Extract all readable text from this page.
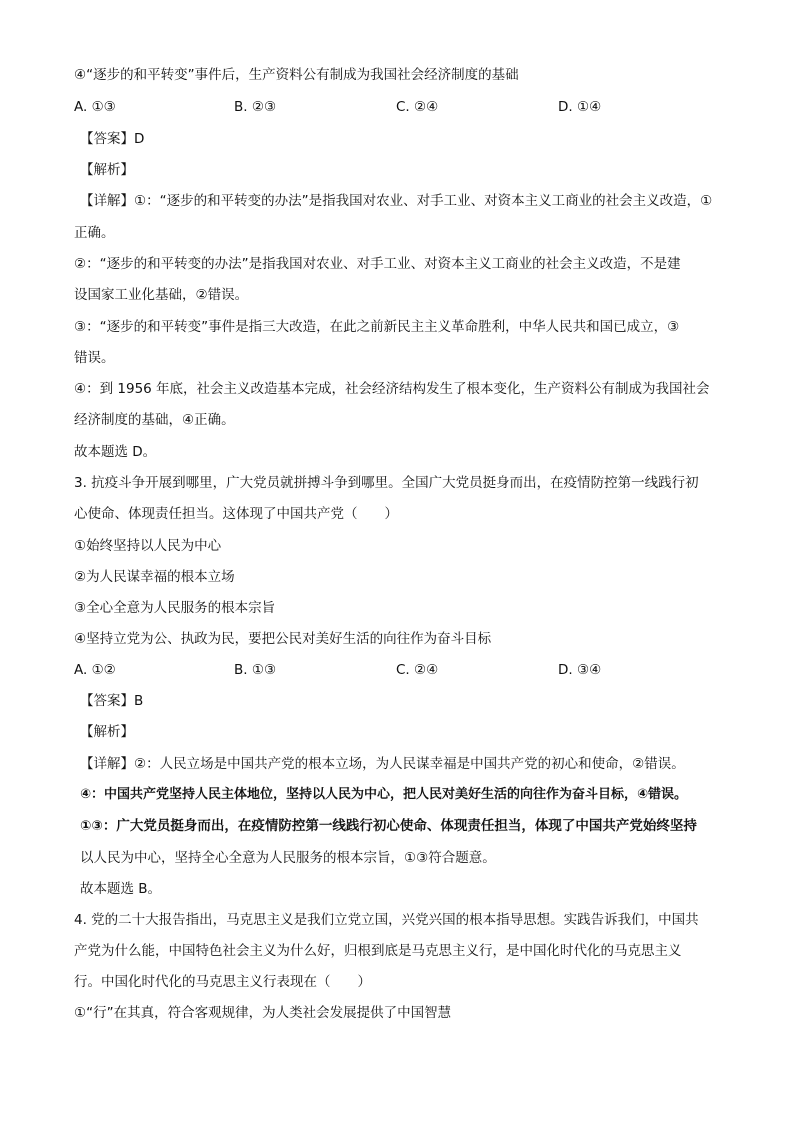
④“逐步的和平转变”事件后，生产资料公有制成为我国社会经济制度的基础
A. ①③	B. ②③	C. ②④	D. ①④
【答案】D
【解析】
【详解】①：“逐步的和平转变的办法”是指我国对农业、对手工业、对资本主义工商业的社会主义改造，①
正确。
②：“逐步的和平转变的办法”是指我国对农业、对手工业、对资本主义工商业的社会主义改造，不是建
设国家工业化基础，②错误。
③：“逐步的和平转变”事件是指三大改造，在此之前新民主主义革命胜利，中华人民共和国已成立，③
错误。
④：到 1956 年底，社会主义改造基本完成，社会经济结构发生了根本变化，生产资料公有制成为我国社会
经济制度的基础，④正确。
故本题选 D。
3. 抗疫斗争开展到哪里，广大党员就拼搏斗争到哪里。全国广大党员挺身而出，在疫情防控第一线践行初
心使命、体现责任担当。这体现了中国共产党（　　）
①始终坚持以人民为中心
②为人民谋幸福的根本立场
③全心全意为人民服务的根本宗旨
④坚持立党为公、执政为民，要把公民对美好生活的向往作为奋斗目标
A. ①②	B. ①③	C. ②④	D. ③④
【答案】B
【解析】
【详解】②：人民立场是中国共产党的根本立场，为人民谋幸福是中国共产党的初心和使命，②错误。
④：中国共产党坚持人民主体地位，坚持以人民为中心，把人民对美好生活的向往作为奋斗目标，④错误。
①③：广大党员挺身而出，在疫情防控第一线践行初心使命、体现责任担当，体现了中国共产党始终坚持
以人民为中心，坚持全心全意为人民服务的根本宗旨，①③符合题意。
故本题选 B。
4. 党的二十大报告指出，马克思主义是我们立党立国，兴党兴国的根本指导思想。实践告诉我们，中国共
产党为什么能，中国特色社会主义为什么好，归根到底是马克思主义行，是中国化时代化的马克思主义
行。中国化时代化的马克思主义行表现在（　　）
①“行”在其真，符合客观规律，为人类社会发展提供了中国智慧
